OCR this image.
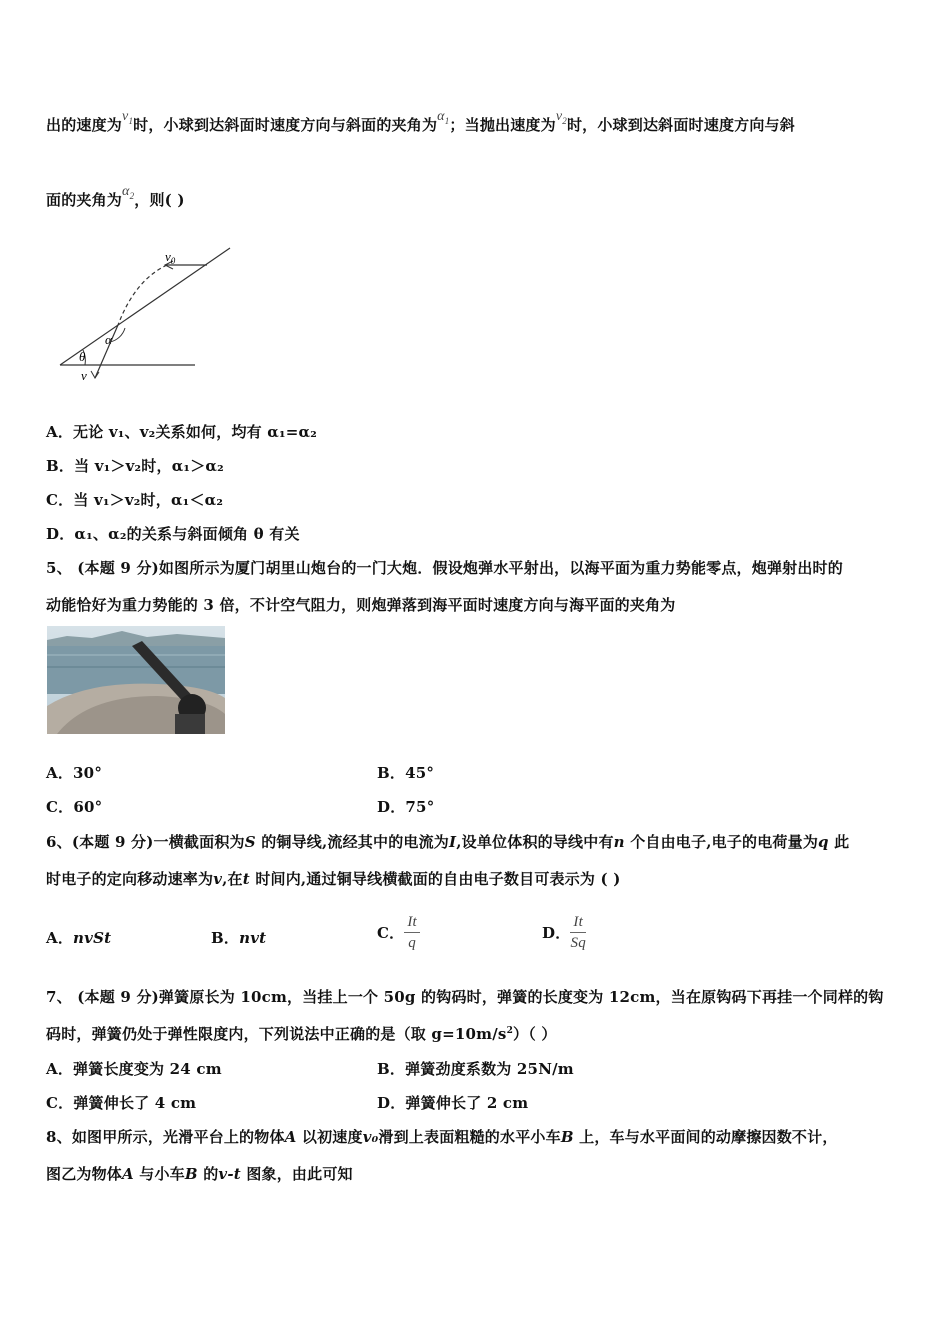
出的速度为$v_1$时，小球到达斜面时速度方向与斜面的夹角为$\alpha_1$；当抛出速度为$v_2$时，小球到达斜面时速度方向与斜
面的夹角为$\alpha_2$，则( )
$v_0$
α
θ
v
A．无论 v₁、v₂关系如何，均有 α₁=α₂
B．当 v₁＞v₂时，α₁＞α₂
C．当 v₁＞v₂时，α₁＜α₂
D．α₁、α₂的关系与斜面倾角 θ 有关
5、 (本题 9 分)如图所示为厦门胡里山炮台的一门大炮．假设炮弹水平射出，以海平面为重力势能零点，炮弹射出时的
动能恰好为重力势能的 3 倍，不计空气阻力，则炮弹落到海平面时速度方向与海平面的夹角为
A．30°	B．45°
C．60°	D．75°
6、(本题 9 分)一横截面积为S 的铜导线,流经其中的电流为I,设单位体积的导线中有n 个自由电子,电子的电荷量为q 此
时电子的定向移动速率为v,在t 时间内,通过铜导线横截面的自由电子数目可表示为 ( )
A．nvSt	B．nvt	C． $\frac{It}{q}$	D． $\frac{It}{Sq}$
7、 (本题 9 分)弹簧原长为 10cm，当挂上一个 50g 的钩码时，弹簧的长度变为 12cm，当在原钩码下再挂一个同样的钩
码时，弹簧仍处于弹性限度内，下列说法中正确的是（取 $g=10m/s^2$）（ ）
A．弹簧长度变为 24 cm	B．弹簧劲度系数为 25N/m
C．弹簧伸长了 4 cm	D．弹簧伸长了 2 cm
8、如图甲所示，光滑平台上的物体A 以初速度v₀滑到上表面粗糙的水平小车B 上，车与水平面间的动摩擦因数不计，
图乙为物体A 与小车B 的v-t 图象，由此可知
